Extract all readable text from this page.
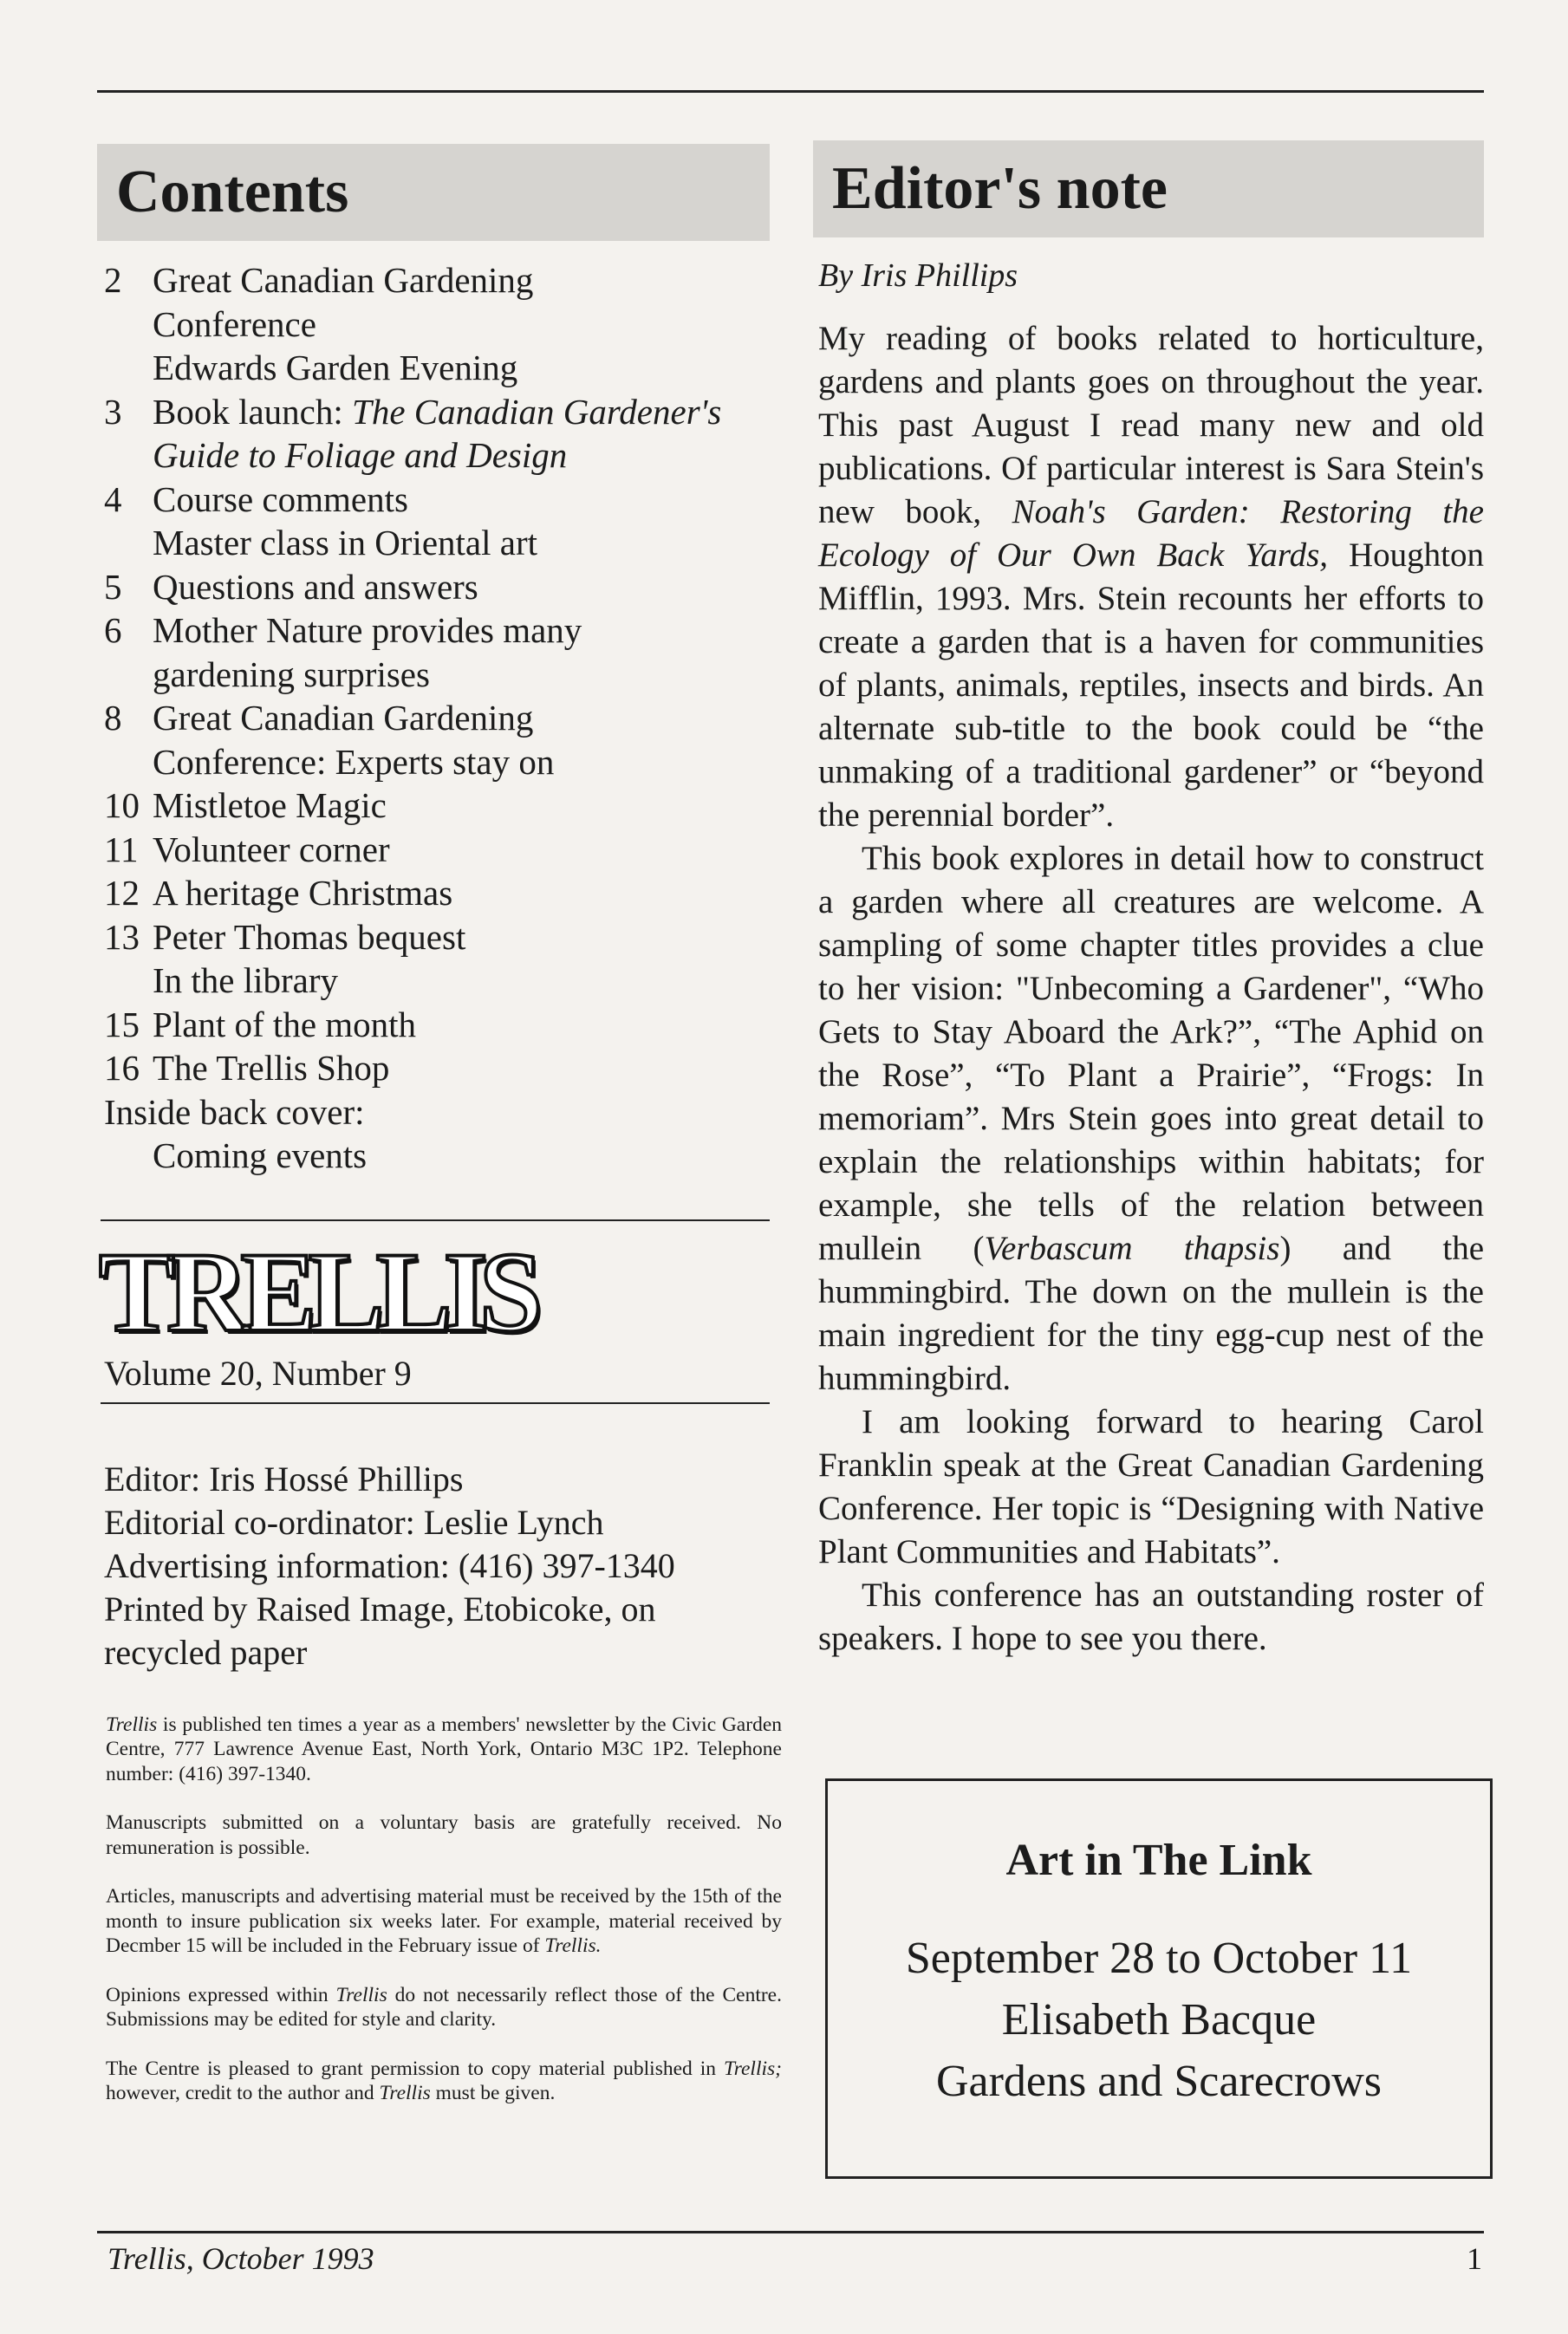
Contents
2 Great Canadian Gardening
Conference
Edwards Garden Evening
3 Book launch: The Canadian Gardener's
Guide to Foliage and Design
4 Course comments
Master class in Oriental art
5 Questions and answers
6 Mother Nature provides many
gardening surprises
8 Great Canadian Gardening
Conference: Experts stay on
10 Mistletoe Magic
11 Volunteer corner
12 A heritage Christmas
13 Peter Thomas bequest
In the library
15 Plant of the month
16 The Trellis Shop
Inside back cover:
Coming events
TRELLIS
Volume 20, Number 9
Editor: Iris Hossé Phillips
Editorial co-ordinator: Leslie Lynch
Advertising information: (416) 397-1340
Printed by Raised Image, Etobicoke, on
recycled paper

Trellis is published ten times a year as a members' newsletter by the Civic Garden Centre, 777 Lawrence Avenue East, North York, Ontario M3C 1P2. Telephone number: (416) 397-1340.

Manuscripts submitted on a voluntary basis are gratefully received. No remuneration is possible.

Articles, manuscripts and advertising material must be received by the 15th of the month to insure publication six weeks later. For example, material received by Decmber 15 will be included in the February issue of Trellis.

Opinions expressed within Trellis do not necessarily reflect those of the Centre. Submissions may be edited for style and clarity.

The Centre is pleased to grant permission to copy material published in Trellis; however, credit to the author and Trellis must be given.

Editor's note
By Iris Phillips

My reading of books related to horticulture, gardens and plants goes on throughout the year. This past August I read many new and old publications. Of particular interest is Sara Stein's new book, Noah's Garden: Restoring the Ecology of Our Own Back Yards, Houghton Mifflin, 1993. Mrs. Stein recounts her efforts to create a garden that is a haven for communities of plants, animals, reptiles, insects and birds. An alternate sub-title to the book could be “the unmaking of a traditional gardener” or “beyond the perennial border”.

This book explores in detail how to construct a garden where all creatures are welcome. A sampling of some chapter titles provides a clue to her vision: "Unbecoming a Gardener", “Who Gets to Stay Aboard the Ark?”, “The Aphid on the Rose”, “To Plant a Prairie”, “Frogs: In memoriam”. Mrs Stein goes into great detail to explain the relationships within habitats; for example, she tells of the relation between mullein (Verbascum thapsis) and the hummingbird. The down on the mullein is the main ingredient for the tiny egg-cup nest of the hummingbird.

I am looking forward to hearing Carol Franklin speak at the Great Canadian Gardening Conference. Her topic is “Designing with Native Plant Communities and Habitats”.

This conference has an outstanding roster of speakers. I hope to see you there.

Art in The Link
September 28 to October 11
Elisabeth Bacque
Gardens and Scarecrows
Trellis, October 1993	1
